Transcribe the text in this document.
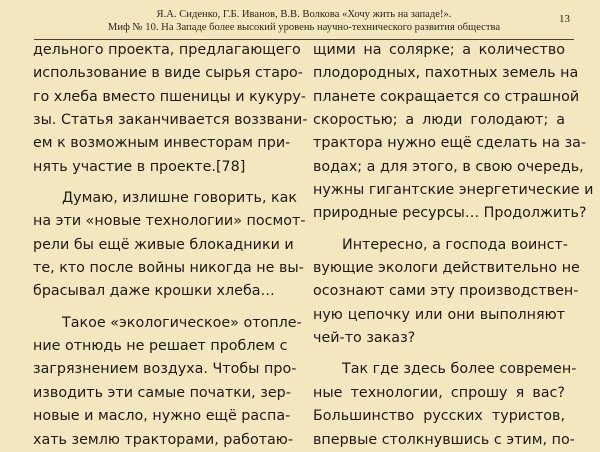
Я.А. Сиденко, Г.Б. Иванов, В.В. Волкова «Хочу жить на западе!».
Миф № 10. На Западе более высокий уровень научно-технического развития общества
13
дельного проекта, предлагающего
использование в виде сырья старо-
го хлеба вместо пшеницы и кукуру-
зы. Статья заканчивается воззвани-
ем к возможным инвесторам при-
нять участие в проекте.[78]
Думаю, излишне говорить, как
на эти «новые технологии» посмот-
рели бы ещё живые блокадники и
те, кто после войны никогда не вы-
брасывал даже крошки хлеба…
Такое «экологическое» отопле-
ние отнюдь не решает проблем с
загрязнением воздуха. Чтобы про-
изводить эти самые початки, зер-
новые и масло, нужно ещё распа-
хать землю тракторами, работаю-
щими на солярке; а количество
плодородных, пахотных земель на
планете сокращается со страшной
скоростью; а люди голодают; а
трактора нужно ещё сделать на за-
водах; а для этого, в свою очередь,
нужны гигантские энергетические и
природные ресурсы… Продолжить?
Интересно, а господа воинст-
вующие экологи действительно не
осознают сами эту производствен-
ную цепочку или они выполняют
чей-то заказ?
Так где здесь более современ-
ные технологии, спрошу я вас?
Большинство русских туристов,
впервые столкнувшись с этим, по-
